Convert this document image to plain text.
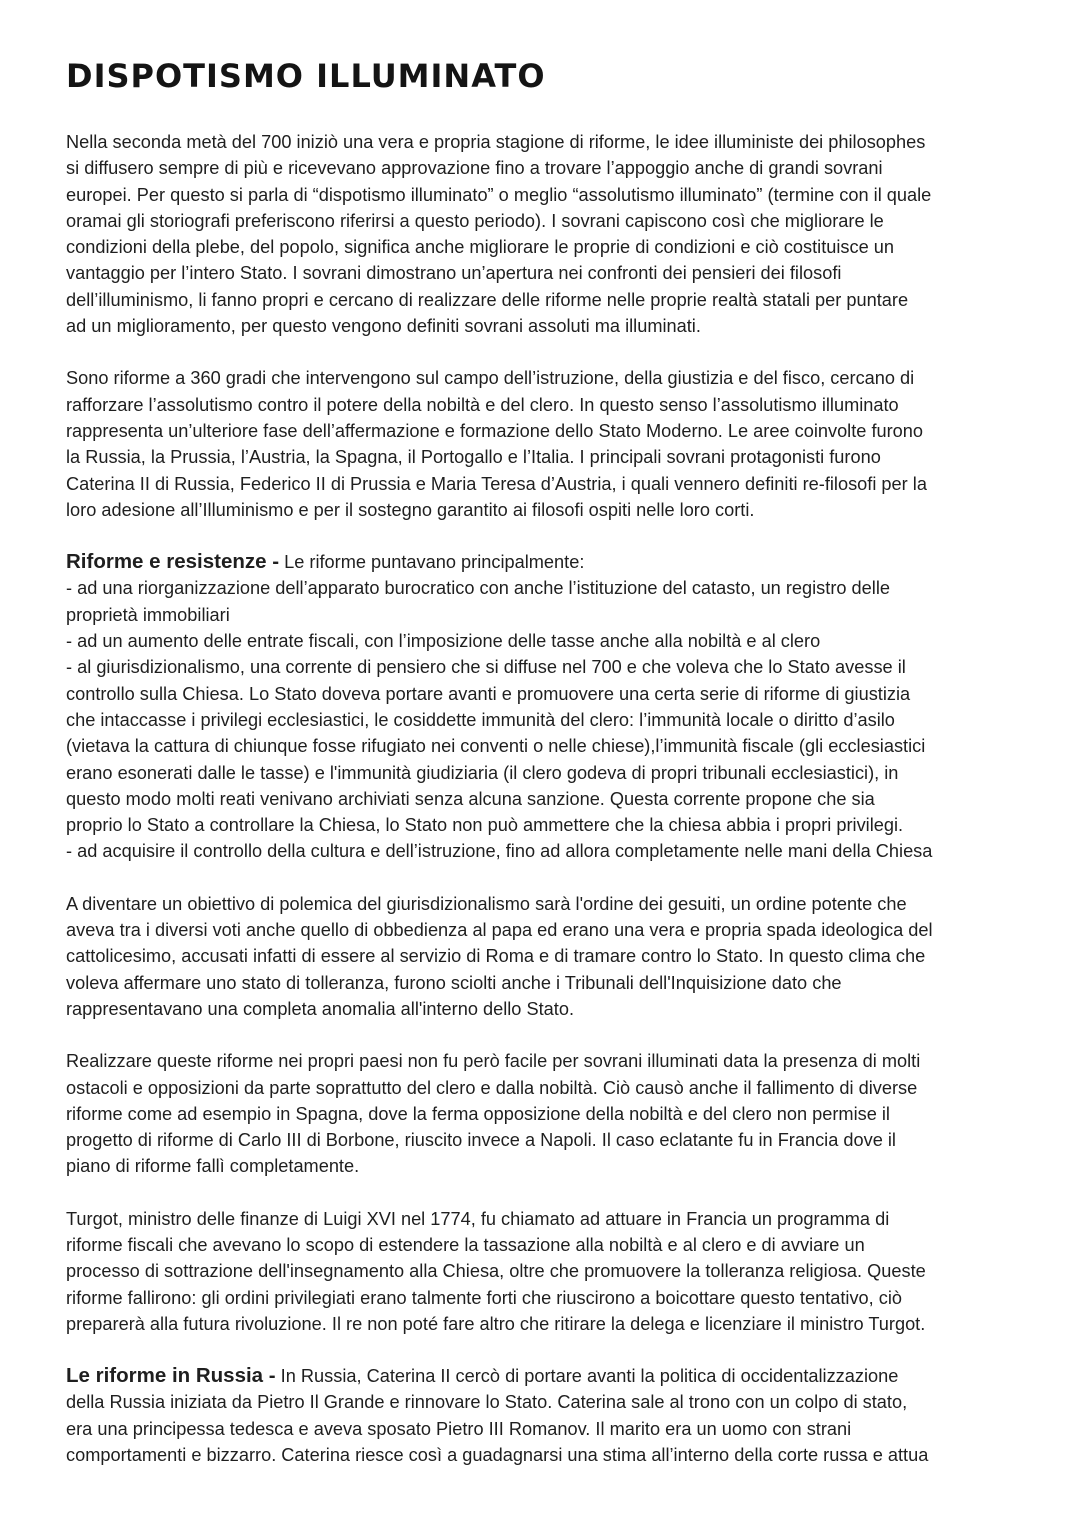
DISPOTISMO ILLUMINATO

Nella seconda metà del 700 iniziò una vera e propria stagione di riforme, le idee illuministe dei philosophes
si diffusero sempre di più e ricevevano approvazione fino a trovare l’appoggio anche di grandi sovrani
europei. Per questo si parla di “dispotismo illuminato” o meglio “assolutismo illuminato” (termine con il quale
oramai gli storiografi preferiscono riferirsi a questo periodo). I sovrani capiscono così che migliorare le
condizioni della plebe, del popolo, significa anche migliorare le proprie di condizioni e ciò costituisce un
vantaggio per l’intero Stato. I sovrani dimostrano un’apertura nei confronti dei pensieri dei filosofi
dell’illuminismo, li fanno propri e cercano di realizzare delle riforme nelle proprie realtà statali per puntare
ad un miglioramento, per questo vengono definiti sovrani assoluti ma illuminati.

Sono riforme a 360 gradi che intervengono sul campo dell’istruzione, della giustizia e del fisco, cercano di
rafforzare l’assolutismo contro il potere della nobiltà e del clero. In questo senso l’assolutismo illuminato
rappresenta un’ulteriore fase dell’affermazione e formazione dello Stato Moderno. Le aree coinvolte furono
la Russia, la Prussia, l’Austria, la Spagna, il Portogallo e l’Italia. I principali sovrani protagonisti furono
Caterina II di Russia, Federico II di Prussia e Maria Teresa d’Austria, i quali vennero definiti re-filosofi per la
loro adesione all’Illuminismo e per il sostegno garantito ai filosofi ospiti nelle loro corti.

Riforme e resistenze - Le riforme puntavano principalmente:
- ad una riorganizzazione dell’apparato burocratico con anche l’istituzione del catasto, un registro delle
proprietà immobiliari
- ad un aumento delle entrate fiscali, con l’imposizione delle tasse anche alla nobiltà e al clero
- al giurisdizionalismo, una corrente di pensiero che si diffuse nel 700 e che voleva che lo Stato avesse il
controllo sulla Chiesa. Lo Stato doveva portare avanti e promuovere una certa serie di riforme di giustizia
che intaccasse i privilegi ecclesiastici, le cosiddette immunità del clero: l’immunità locale o diritto d’asilo
(vietava la cattura di chiunque fosse rifugiato nei conventi o nelle chiese),l’immunità fiscale (gli ecclesiastici
erano esonerati dalle le tasse) e l'immunità giudiziaria (il clero godeva di propri tribunali ecclesiastici), in
questo modo molti reati venivano archiviati senza alcuna sanzione. Questa corrente propone che sia
proprio lo Stato a controllare la Chiesa, lo Stato non può ammettere che la chiesa abbia i propri privilegi.
- ad acquisire il controllo della cultura e dell’istruzione, fino ad allora completamente nelle mani della Chiesa

A diventare un obiettivo di polemica del giurisdizionalismo sarà l'ordine dei gesuiti, un ordine potente che
aveva tra i diversi voti anche quello di obbedienza al papa ed erano una vera e propria spada ideologica del
cattolicesimo, accusati infatti di essere al servizio di Roma e di tramare contro lo Stato. In questo clima che
voleva affermare uno stato di tolleranza, furono sciolti anche i Tribunali dell'Inquisizione dato che
rappresentavano una completa anomalia all'interno dello Stato.

Realizzare queste riforme nei propri paesi non fu però facile per sovrani illuminati data la presenza di molti
ostacoli e opposizioni da parte soprattutto del clero e dalla nobiltà. Ciò causò anche il fallimento di diverse
riforme come ad esempio in Spagna, dove la ferma opposizione della nobiltà e del clero non permise il
progetto di riforme di Carlo III di Borbone, riuscito invece a Napoli. Il caso eclatante fu in Francia dove il
piano di riforme fallì completamente.

Turgot, ministro delle finanze di Luigi XVI nel 1774, fu chiamato ad attuare in Francia un programma di
riforme fiscali che avevano lo scopo di estendere la tassazione alla nobiltà e al clero e di avviare un
processo di sottrazione dell'insegnamento alla Chiesa, oltre che promuovere la tolleranza religiosa. Queste
riforme fallirono: gli ordini privilegiati erano talmente forti che riuscirono a boicottare questo tentativo, ciò
preparerà alla futura rivoluzione. Il re non poté fare altro che ritirare la delega e licenziare il ministro Turgot.

Le riforme in Russia - In Russia, Caterina II cercò di portare avanti la politica di occidentalizzazione
della Russia iniziata da Pietro Il Grande e rinnovare lo Stato. Caterina sale al trono con un colpo di stato,
era una principessa tedesca e aveva sposato Pietro III Romanov. Il marito era un uomo con strani
comportamenti e bizzarro. Caterina riesce così a guadagnarsi una stima all’interno della corte russa e attua
